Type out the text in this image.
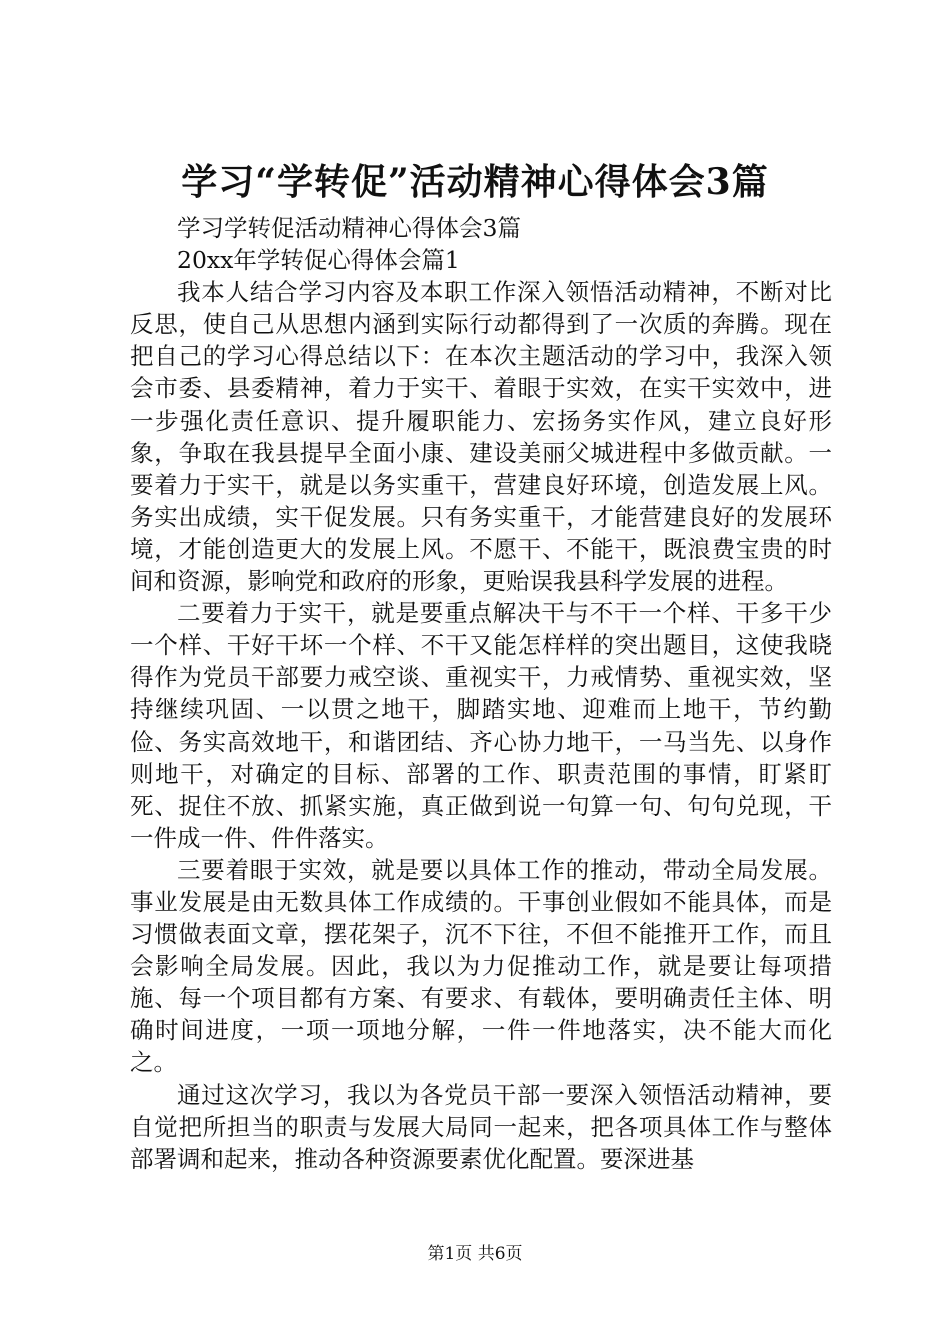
学习“学转促”活动精神心得体会3篇

学习学转促活动精神心得体会3篇

20xx年学转促心得体会篇1

我本人结合学习内容及本职工作深入领悟活动精神，不断对比反思，使自己从思想内涵到实际行动都得到了一次质的奔腾。现在把自己的学习心得总结以下：在本次主题活动的学习中，我深入领会市委、县委精神，着力于实干、着眼于实效，在实干实效中，进一步强化责任意识、提升履职能力、宏扬务实作风，建立良好形象，争取在我县提早全面小康、建设美丽父城进程中多做贡献。一要着力于实干，就是以务实重干，营建良好环境，创造发展上风。务实出成绩，实干促发展。只有务实重干，才能营建良好的发展环境，才能创造更大的发展上风。不愿干、不能干，既浪费宝贵的时间和资源，影响党和政府的形象，更贻误我县科学发展的进程。

二要着力于实干，就是要重点解决干与不干一个样、干多干少一个样、干好干坏一个样、不干又能怎样样的突出题目，这使我晓得作为党员干部要力戒空谈、重视实干，力戒情势、重视实效，坚持继续巩固、一以贯之地干，脚踏实地、迎难而上地干，节约勤俭、务实高效地干，和谐团结、齐心协力地干，一马当先、以身作则地干，对确定的目标、部署的工作、职责范围的事情，盯紧盯死、捉住不放、抓紧实施，真正做到说一句算一句、句句兑现，干一件成一件、件件落实。

三要着眼于实效，就是要以具体工作的推动，带动全局发展。事业发展是由无数具体工作成绩的。干事创业假如不能具体，而是习惯做表面文章，摆花架子，沉不下往，不但不能推开工作，而且会影响全局发展。因此，我以为力促推动工作，就是要让每项措施、每一个项目都有方案、有要求、有载体，要明确责任主体、明确时间进度，一项一项地分解，一件一件地落实，决不能大而化之。

通过这次学习，我以为各党员干部一要深入领悟活动精神，要自觉把所担当的职责与发展大局同一起来，把各项具体工作与整体部署调和起来，推动各种资源要素优化配置。要深进基

第1页 共6页
